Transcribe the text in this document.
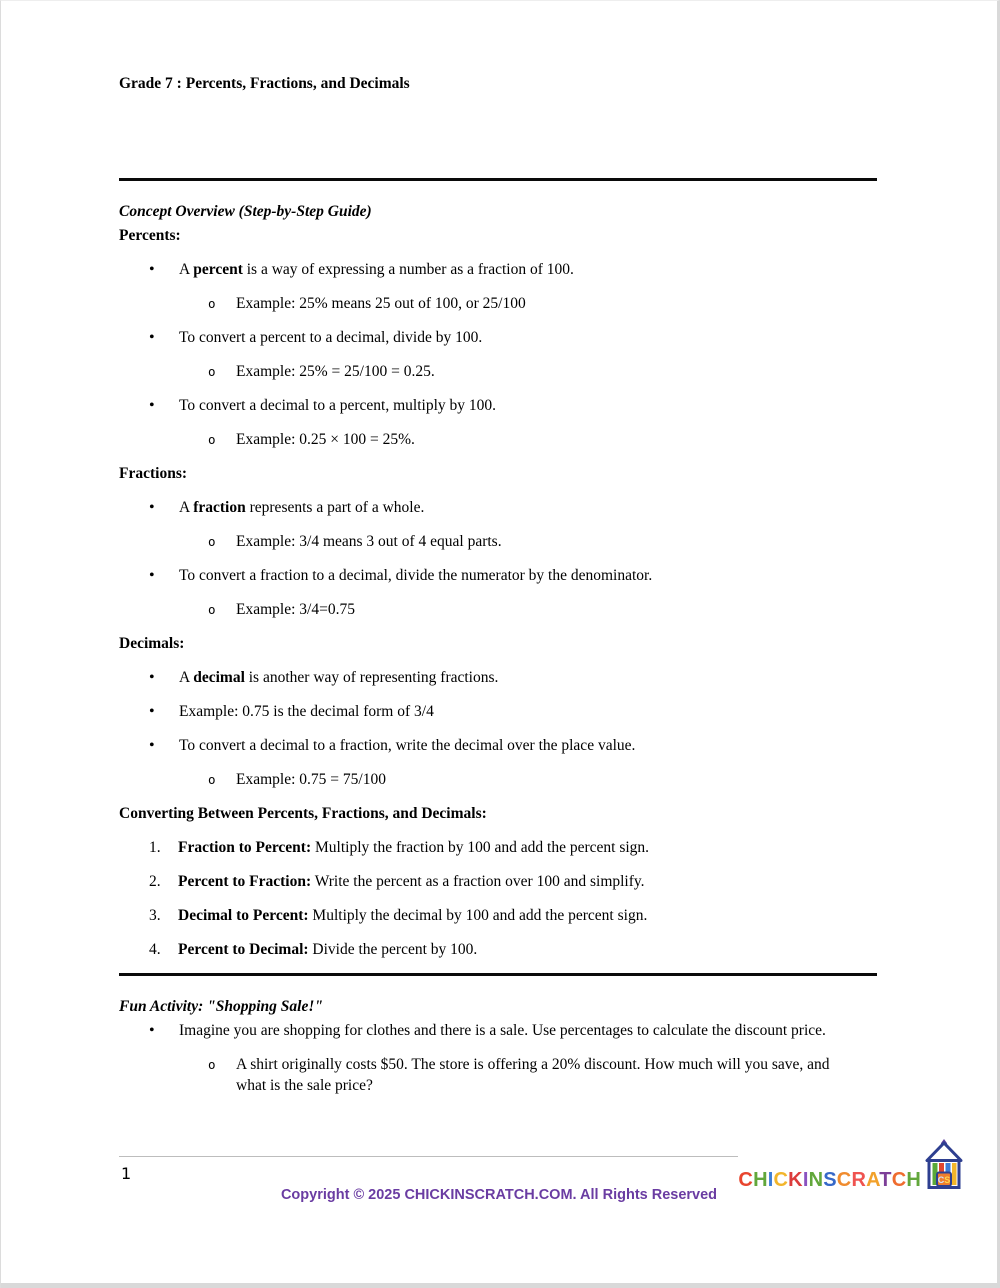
Grade 7 : Percents, Fractions, and Decimals
Concept Overview (Step-by-Step Guide)
Percents:
•	A percent is a way of expressing a number as a fraction of 100.
o	Example: 25% means 25 out of 100, or 25/100
•	To convert a percent to a decimal, divide by 100.
o	Example: 25% = 25/100 = 0.25.
•	To convert a decimal to a percent, multiply by 100.
o	Example: 0.25 × 100 = 25%.
Fractions:
•	A fraction represents a part of a whole.
o	Example: 3/4 means 3 out of 4 equal parts.
•	To convert a fraction to a decimal, divide the numerator by the denominator.
o	Example: 3/4=0.75
Decimals:
•	A decimal is another way of representing fractions.
•	Example: 0.75 is the decimal form of 3/4
•	To convert a decimal to a fraction, write the decimal over the place value.
o	Example: 0.75 = 75/100
Converting Between Percents, Fractions, and Decimals:
1.	Fraction to Percent: Multiply the fraction by 100 and add the percent sign.
2.	Percent to Fraction: Write the percent as a fraction over 100 and simplify.
3.	Decimal to Percent: Multiply the decimal by 100 and add the percent sign.
4.	Percent to Decimal: Divide the percent by 100.
Fun Activity: "Shopping Sale!"
•	Imagine you are shopping for clothes and there is a sale. Use percentages to calculate the discount price.
o	A shirt originally costs $50. The store is offering a 20% discount. How much will you save, and what is the sale price?
1	CHICKINSCRATCH CS
Copyright © 2025 CHICKINSCRATCH.COM. All Rights Reserved
